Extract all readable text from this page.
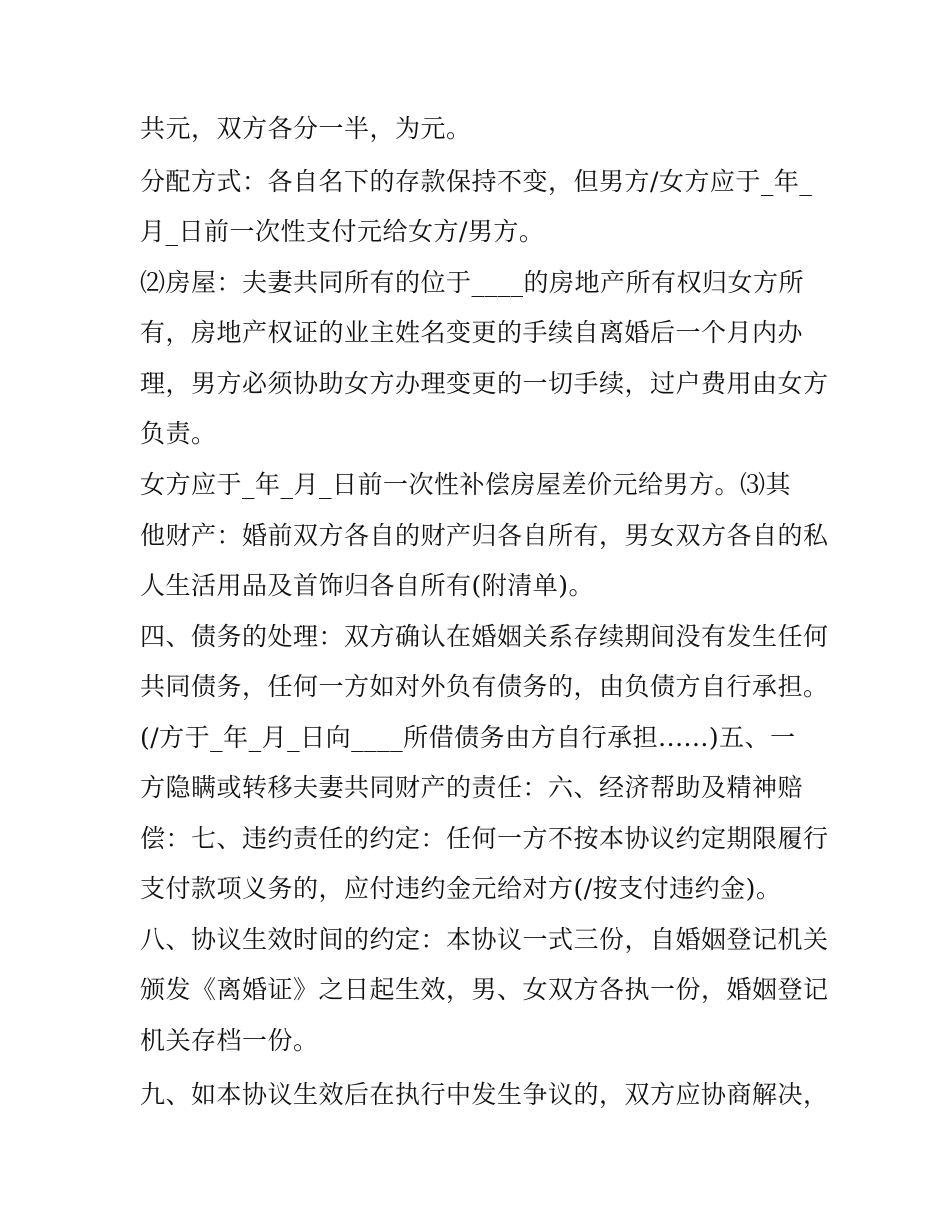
共元，双方各分一半，为元。
分配方式：各自名下的存款保持不变，但男方/女方应于_年_
月_日前一次性支付元给女方/男方。
⑵房屋：夫妻共同所有的位于____的房地产所有权归女方所
有，房地产权证的业主姓名变更的手续自离婚后一个月内办
理，男方必须协助女方办理变更的一切手续，过户费用由女方
负责。
女方应于_年_月_日前一次性补偿房屋差价元给男方。⑶其
他财产：婚前双方各自的财产归各自所有，男女双方各自的私
人生活用品及首饰归各自所有(附清单)。
四、债务的处理：双方确认在婚姻关系存续期间没有发生任何
共同债务，任何一方如对外负有债务的，由负债方自行承担。
(/方于_年_月_日向____所借债务由方自行承担......)五、一
方隐瞒或转移夫妻共同财产的责任：六、经济帮助及精神赔
偿：七、违约责任的约定：任何一方不按本协议约定期限履行
支付款项义务的，应付违约金元给对方(/按支付违约金)。
八、协议生效时间的约定：本协议一式三份，自婚姻登记机关
颁发《离婚证》之日起生效，男、女双方各执一份，婚姻登记
机关存档一份。
九、如本协议生效后在执行中发生争议的，双方应协商解决，
